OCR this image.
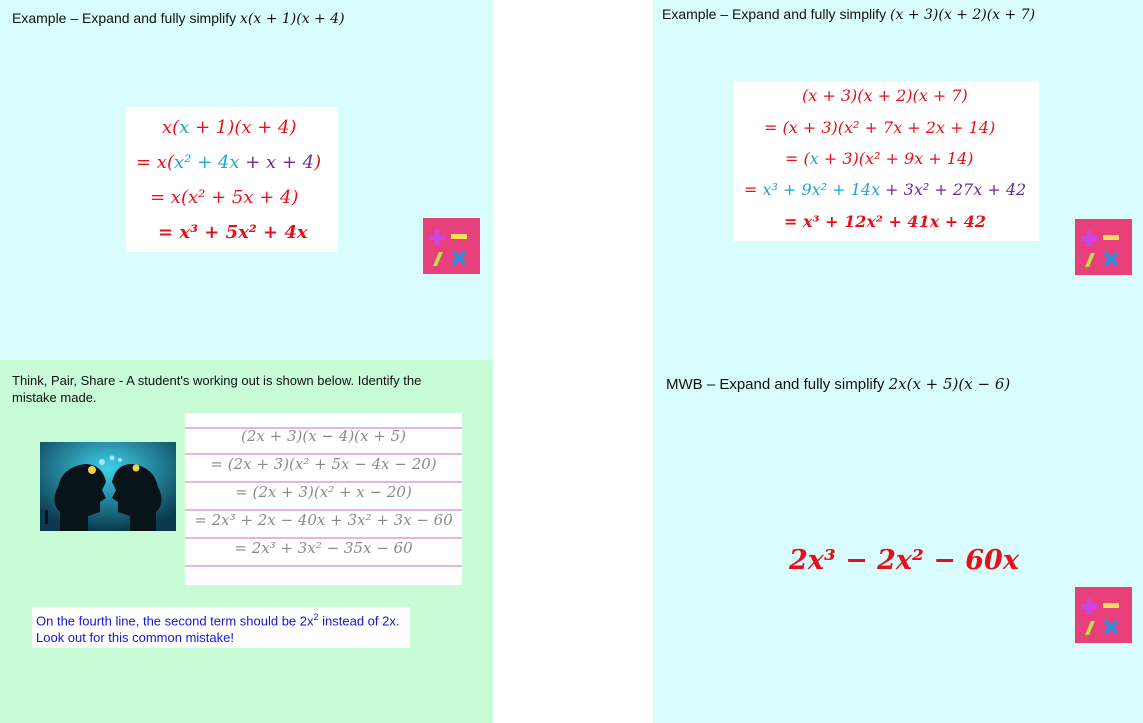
Example – Expand and fully simplify x(x + 1)(x + 4)
x(x + 1)(x + 4)
= x(x² + 4x + x + 4)
= x(x² + 5x + 4)
= x³ + 5x² + 4x
Think, Pair, Share - A student's working out is shown below. Identify the mistake made.
(2x + 3)(x − 4)(x + 5)
= (2x + 3)(x² + 5x − 4x − 20)
= (2x + 3)(x² + x − 20)
= 2x³ + 2x − 40x + 3x² + 3x − 60
= 2x³ + 3x² − 35x − 60
On the fourth line, the second term should be $2x^2$ instead of 2x.
Look out for this common mistake!
Example – Expand and fully simplify (x + 3)(x + 2)(x + 7)
(x + 3)(x + 2)(x + 7)
= (x + 3)(x² + 7x + 2x + 14)
= (x + 3)(x² + 9x + 14)
= x³ + 9x² + 14x + 3x² + 27x + 42
= x³ + 12x² + 41x + 42
MWB – Expand and fully simplify 2x(x + 5)(x − 6)
2x³ − 2x² − 60x
